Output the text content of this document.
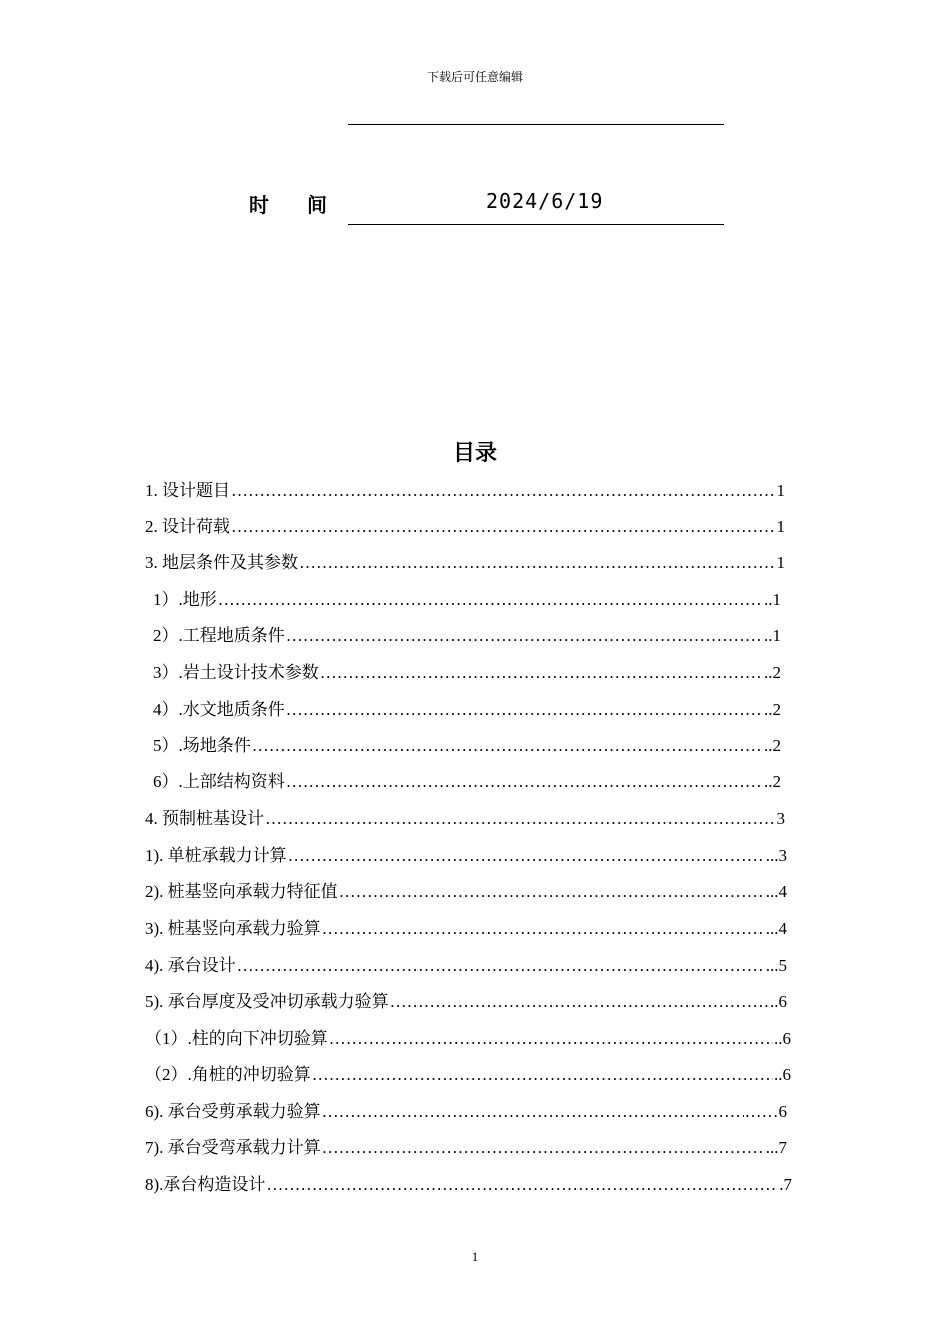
下载后可任意编辑
时 间	2024/6/19
目录
1. 设计题目 ……………………………………………………………………………………………………………………………………………………………………………………………………	1
2. 设计荷载 ……………………………………………………………………………………………………………………………………………………………………………………………………	1
3. 地层条件及其参数 ……………………………………………………………………………………………………………………………………………………………………………………………………	1
1）.地形 ……………………………………………………………………………………………………………………………………………………………………………………………………	..1
2）.工程地质条件 ……………………………………………………………………………………………………………………………………………………………………………………………………	..1
3）.岩土设计技术参数 ……………………………………………………………………………………………………………………………………………………………………………………………………	..2
4）.水文地质条件 ……………………………………………………………………………………………………………………………………………………………………………………………………	..2
5）.场地条件 ……………………………………………………………………………………………………………………………………………………………………………………………………	..2
6）.上部结构资料 ……………………………………………………………………………………………………………………………………………………………………………………………………	..2
4. 预制桩基设计 ……………………………………………………………………………………………………………………………………………………………………………………………………	3
1). 单桩承载力计算 ……………………………………………………………………………………………………………………………………………………………………………………………………	...3
2). 桩基竖向承载力特征值 ……………………………………………………………………………………………………………………………………………………………………………………………………	...4
3). 桩基竖向承载力验算 ……………………………………………………………………………………………………………………………………………………………………………………………………	...4
4). 承台设计 ……………………………………………………………………………………………………………………………………………………………………………………………………	...5
5). 承台厚度及受冲切承载力验算 ……………………………………………………………………………………………………………………………………………………………………………………………………	..6
（1）.柱的向下冲切验算 ……………………………………………………………………………………………………………………………………………………………………………………………………	..6
（2）.角桩的冲切验算 ……………………………………………………………………………………………………………………………………………………………………………………………………	..6
6). 承台受剪承载力验算 ……………………………………………………………………………………………………………………………………………………………………………………………………	……6
7). 承台受弯承载力计算 ……………………………………………………………………………………………………………………………………………………………………………………………………	...7
8).承台构造设计 ……………………………………………………………………………………………………………………………………………………………………………………………………	.7
1
